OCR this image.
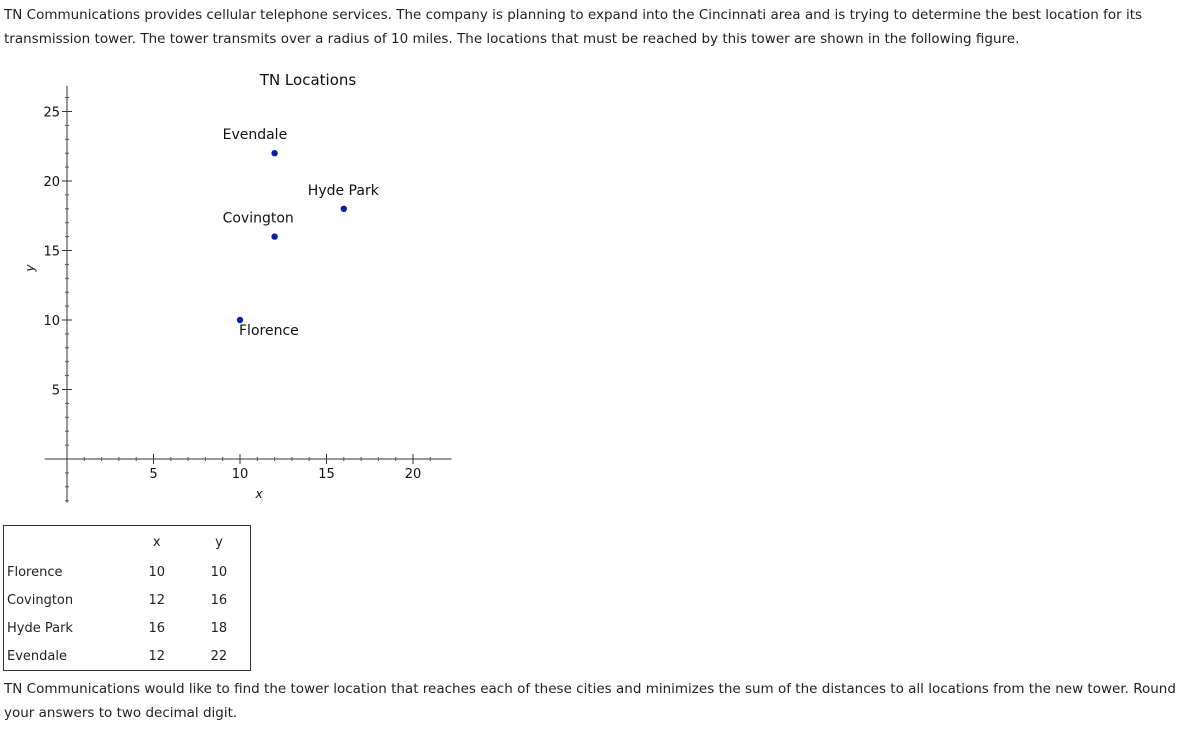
TN Communications provides cellular telephone services. The company is planning to expand into the Cincinnati area and is trying to determine the best location for its transmission tower. The tower transmits over a radius of 10 miles. The locations that must be reached by this tower are shown in the following figure.

TN Locations
5	10	15	20
5
10
15
20
25
Florence
Covington
Hyde Park
Evendale
x
y
	x	y
Florence	10	10
Covington	12	16
Hyde Park	16	18
Evendale	12	22

TN Communications would like to find the tower location that reaches each of these cities and minimizes the sum of the distances to all locations from the new tower. Round your answers to two decimal digit.
